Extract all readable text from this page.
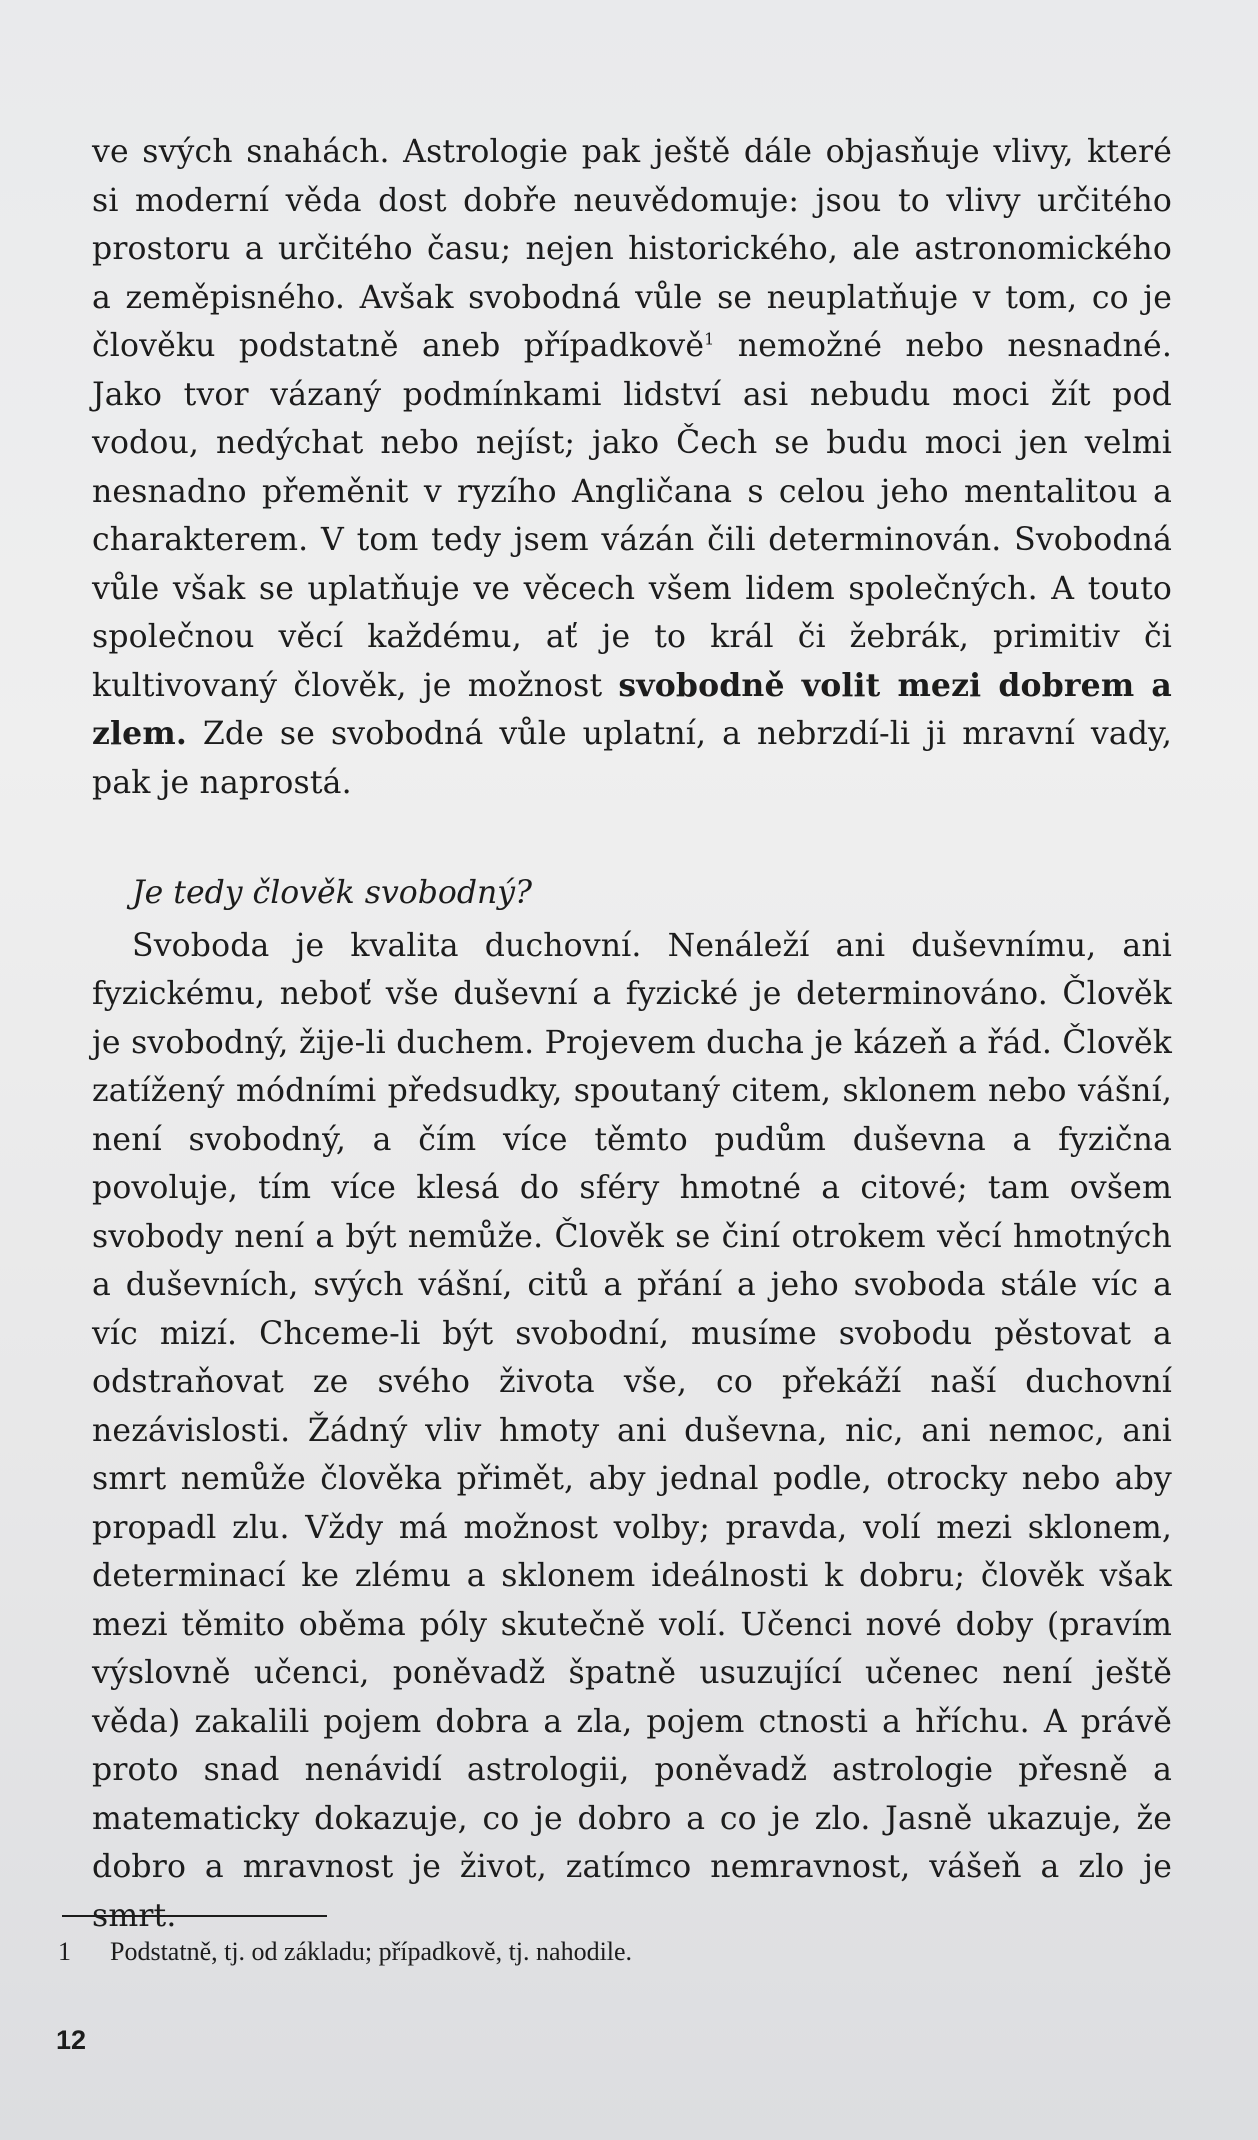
ve svých snahách. Astrologie pak ještě dále objasňuje vlivy, které si moderní věda dost dobře neuvědomuje: jsou to vlivy určitého prostoru a určitého času; nejen historického, ale astronomického a zeměpisného. Avšak svobodná vůle se neuplatňuje v tom, co je člověku podstatně aneb případkově$^1$ nemožné nebo nesnadné. Jako tvor vázaný podmínkami lidství asi nebudu moci žít pod vodou, nedýchat nebo nejíst; jako Čech se budu moci jen velmi nesnadno přeměnit v ryzího Angličana s celou jeho mentalitou a charakterem. V tom tedy jsem vázán čili determinován. Svobodná vůle však se uplatňuje ve věcech všem lidem společných. A touto společnou věcí každému, ať je to král či žebrák, primitiv či kultivovaný člověk, je možnost svobodně volit mezi dobrem a zlem. Zde se svobodná vůle uplatní, a nebrzdí-li ji mravní vady, pak je naprostá.

Je tedy člověk svobodný?

Svoboda je kvalita duchovní. Nenáleží ani duševnímu, ani fyzickému, neboť vše duševní a fyzické je determinováno. Člověk je svobodný, žije-li duchem. Projevem ducha je kázeň a řád. Člověk zatížený módními předsudky, spoutaný citem, sklonem nebo vášní, není svobodný, a čím více těmto pudům duševna a fyzična povoluje, tím více klesá do sféry hmotné a citové; tam ovšem svobody není a být nemůže. Člověk se činí otrokem věcí hmotných a duševních, svých vášní, citů a přání a jeho svoboda stále víc a víc mizí. Chceme-li být svobodní, musíme svobodu pěstovat a odstraňovat ze svého života vše, co překáží naší duchovní nezávislosti. Žádný vliv hmoty ani duševna, nic, ani nemoc, ani smrt nemůže člověka přimět, aby jednal podle, otrocky nebo aby propadl zlu. Vždy má možnost volby; pravda, volí mezi sklonem, determinací ke zlému a sklonem ideálnosti k dobru; člověk však mezi těmito oběma póly skutečně volí. Učenci nové doby (pravím výslovně učenci, poněvadž špatně usuzující učenec není ještě věda) zakalili pojem dobra a zla, pojem ctnosti a hříchu. A právě proto snad nenávidí astrologii, poněvadž astrologie přesně a matematicky dokazuje, co je dobro a co je zlo. Jasně ukazuje, že dobro a mravnost je život, zatímco nemravnost, vášeň a zlo je smrt.

1 Podstatně, tj. od základu; případkově, tj. nahodile.
12
